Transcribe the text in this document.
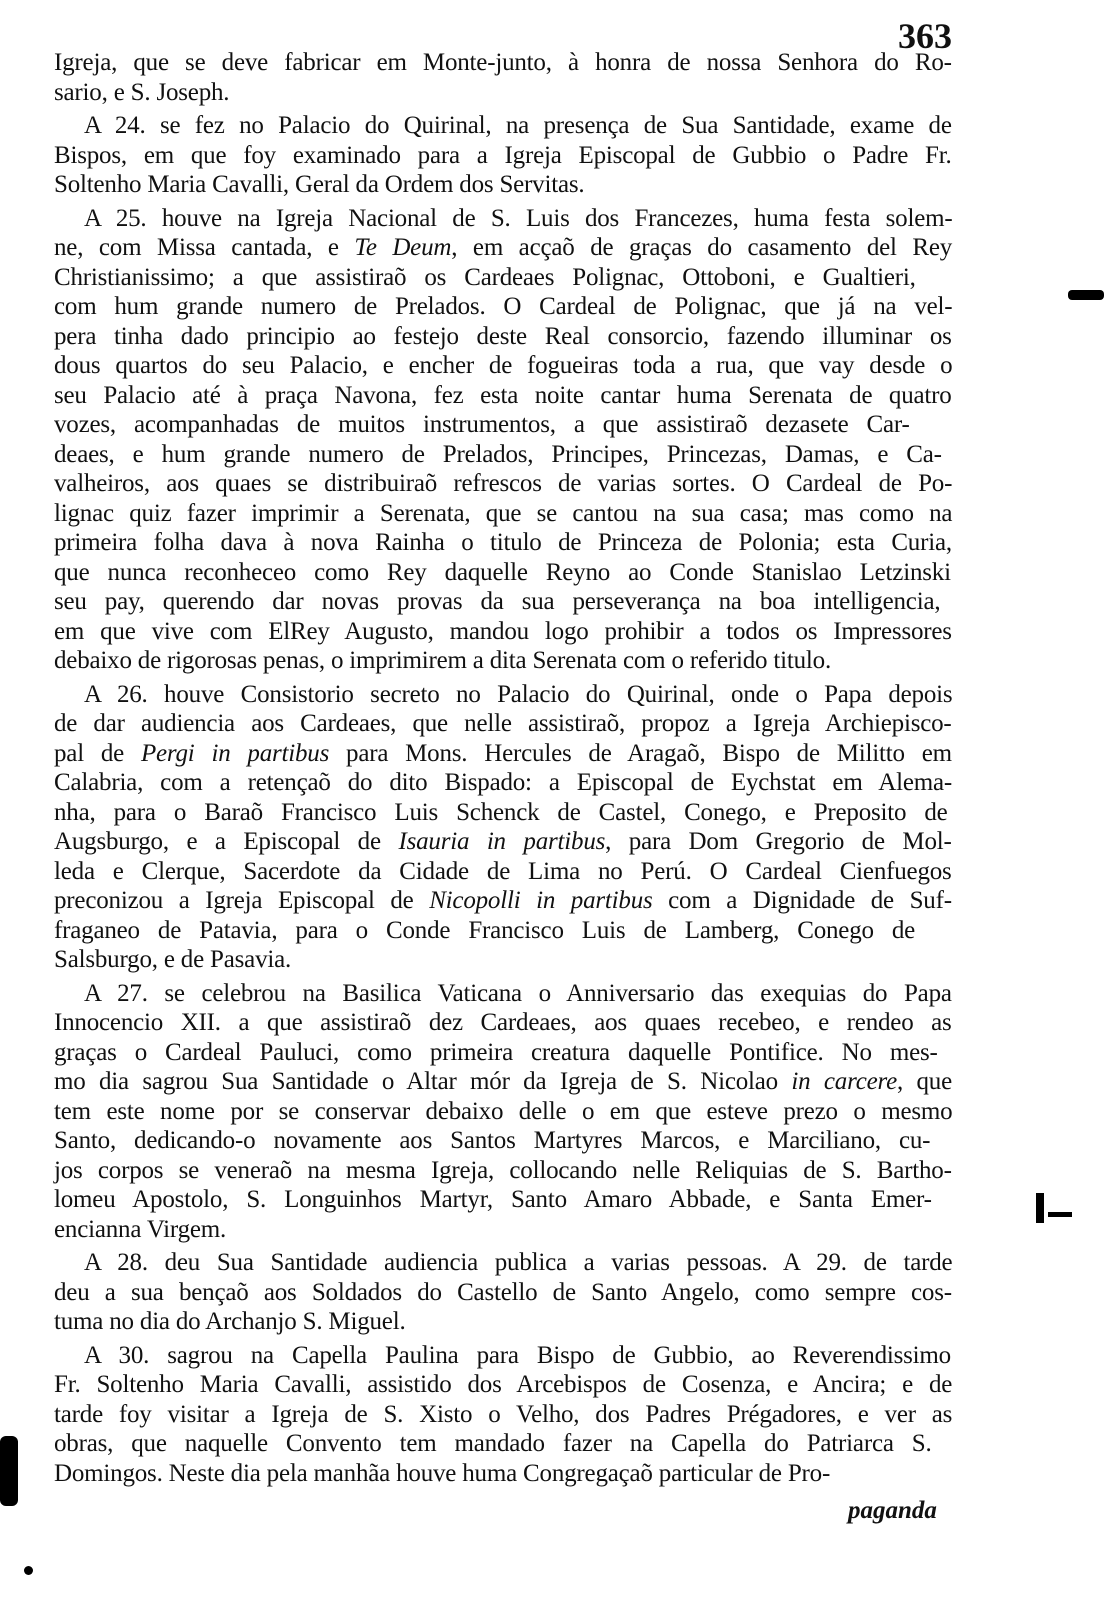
363
Igreja, que se deve fabricar em Monte-junto, à honra de nossa Senhora do Ro-
sario, e S. Joseph.
A 24. se fez no Palacio do Quirinal, na presença de Sua Santidade, exame de
Bispos, em que foy examinado para a Igreja Episcopal de Gubbio o Padre Fr.
Soltenho Maria Cavalli, Geral da Ordem dos Servitas.
A 25. houve na Igreja Nacional de S. Luis dos Francezes, huma festa solem-
ne, com Missa cantada, e Te Deum, em acçaõ de graças do casamento del Rey
Christianissimo; a que assistiraõ os Cardeaes Polignac, Ottoboni, e Gualtieri,
com hum grande numero de Prelados. O Cardeal de Polignac, que já na vel-
pera tinha dado principio ao festejo deste Real consorcio, fazendo illuminar os
dous quartos do seu Palacio, e encher de fogueiras toda a rua, que vay desde o
seu Palacio até à praça Navona, fez esta noite cantar huma Serenata de quatro
vozes, acompanhadas de muitos instrumentos, a que assistiraõ dezasete Car-
deaes, e hum grande numero de Prelados, Principes, Princezas, Damas, e Ca-
valheiros, aos quaes se distribuiraõ refrescos de varias sortes. O Cardeal de Po-
lignac quiz fazer imprimir a Serenata, que se cantou na sua casa; mas como na
primeira folha dava à nova Rainha o titulo de Princeza de Polonia; esta Curia,
que nunca reconheceo como Rey daquelle Reyno ao Conde Stanislao Letzinski
seu pay, querendo dar novas provas da sua perseverança na boa intelligencia,
em que vive com ElRey Augusto, mandou logo prohibir a todos os Impressores
debaixo de rigorosas penas, o imprimirem a dita Serenata com o referido titulo.
A 26. houve Consistorio secreto no Palacio do Quirinal, onde o Papa depois
de dar audiencia aos Cardeaes, que nelle assistiraõ, propoz a Igreja Archiepisco-
pal de Pergi in partibus para Mons. Hercules de Aragaõ, Bispo de Militto em
Calabria, com a retençaõ do dito Bispado: a Episcopal de Eychstat em Alema-
nha, para o Baraõ Francisco Luis Schenck de Castel, Conego, e Preposito de
Augsburgo, e a Episcopal de Isauria in partibus, para Dom Gregorio de Mol-
leda e Clerque, Sacerdote da Cidade de Lima no Perú. O Cardeal Cienfuegos
preconizou a Igreja Episcopal de Nicopolli in partibus com a Dignidade de Suf-
fraganeo de Patavia, para o Conde Francisco Luis de Lamberg, Conego de
Salsburgo, e de Pasavia.
A 27. se celebrou na Basilica Vaticana o Anniversario das exequias do Papa
Innocencio XII. a que assistiraõ dez Cardeaes, aos quaes recebeo, e rendeo as
graças o Cardeal Pauluci, como primeira creatura daquelle Pontifice. No mes-
mo dia sagrou Sua Santidade o Altar mór da Igreja de S. Nicolao in carcere, que
tem este nome por se conservar debaixo delle o em que esteve prezo o mesmo
Santo, dedicando-o novamente aos Santos Martyres Marcos, e Marciliano, cu-
jos corpos se veneraõ na mesma Igreja, collocando nelle Reliquias de S. Bartho-
lomeu Apostolo, S. Longuinhos Martyr, Santo Amaro Abbade, e Santa Emer-
encianna Virgem.
A 28. deu Sua Santidade audiencia publica a varias pessoas. A 29. de tarde
deu a sua bençaõ aos Soldados do Castello de Santo Angelo, como sempre cos-
tuma no dia do Archanjo S. Miguel.
A 30. sagrou na Capella Paulina para Bispo de Gubbio, ao Reverendissimo
Fr. Soltenho Maria Cavalli, assistido dos Arcebispos de Cosenza, e Ancira; e de
tarde foy visitar a Igreja de S. Xisto o Velho, dos Padres Prégadores, e ver as
obras, que naquelle Convento tem mandado fazer na Capella do Patriarca S.
Domingos. Neste dia pela manhãa houve huma Congregaçaõ particular de Pro-
paganda
